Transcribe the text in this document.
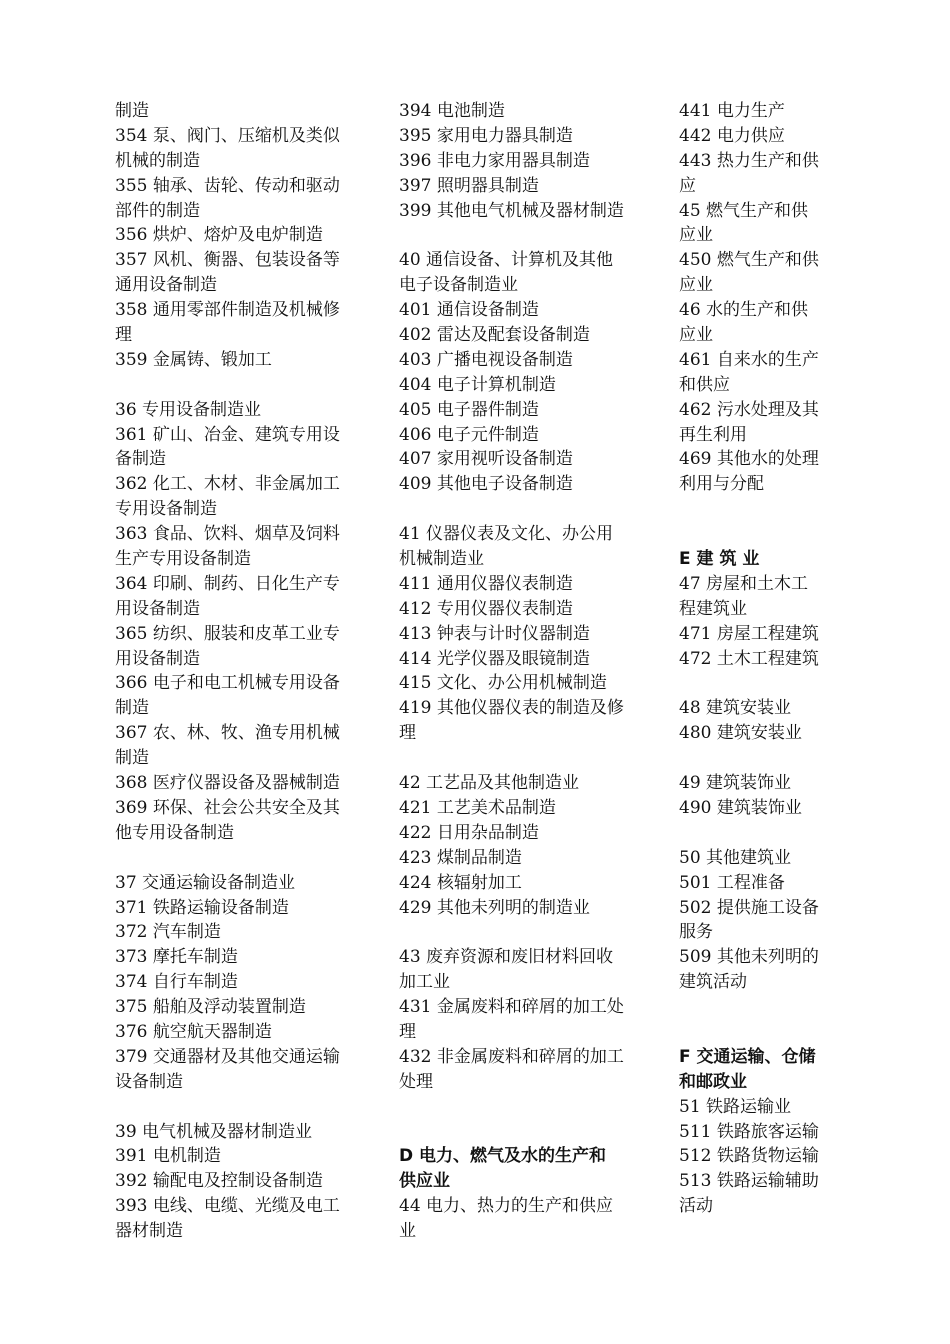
制造
354 泵、阀门、压缩机及类似
机械的制造
355 轴承、齿轮、传动和驱动
部件的制造
356 烘炉、熔炉及电炉制造
357 风机、衡器、包装设备等
通用设备制造
358 通用零部件制造及机械修
理
359 金属铸、锻加工
36 专用设备制造业
361 矿山、冶金、建筑专用设
备制造
362 化工、木材、非金属加工
专用设备制造
363 食品、饮料、烟草及饲料
生产专用设备制造
364 印刷、制药、日化生产专
用设备制造
365 纺织、服装和皮革工业专
用设备制造
366 电子和电工机械专用设备
制造
367 农、林、牧、渔专用机械
制造
368 医疗仪器设备及器械制造
369 环保、社会公共安全及其
他专用设备制造
37 交通运输设备制造业
371 铁路运输设备制造
372 汽车制造
373 摩托车制造
374 自行车制造
375 船舶及浮动装置制造
376 航空航天器制造
379 交通器材及其他交通运输
设备制造
39 电气机械及器材制造业
391 电机制造
392 输配电及控制设备制造
393 电线、电缆、光缆及电工
器材制造
394 电池制造
395 家用电力器具制造
396 非电力家用器具制造
397 照明器具制造
399 其他电气机械及器材制造
40 通信设备、计算机及其他
电子设备制造业
401 通信设备制造
402 雷达及配套设备制造
403 广播电视设备制造
404 电子计算机制造
405 电子器件制造
406 电子元件制造
407 家用视听设备制造
409 其他电子设备制造
41 仪器仪表及文化、办公用
机械制造业
411 通用仪器仪表制造
412 专用仪器仪表制造
413 钟表与计时仪器制造
414 光学仪器及眼镜制造
415 文化、办公用机械制造
419 其他仪器仪表的制造及修
理
42 工艺品及其他制造业
421 工艺美术品制造
422 日用杂品制造
423 煤制品制造
424 核辐射加工
429 其他未列明的制造业
43 废弃资源和废旧材料回收
加工业
431 金属废料和碎屑的加工处
理
432 非金属废料和碎屑的加工
处理
D 电力、燃气及水的生产和
供应业
44 电力、热力的生产和供应
业
441 电力生产
442 电力供应
443 热力生产和供
应
45 燃气生产和供
应业
450 燃气生产和供
应业
46 水的生产和供
应业
461 自来水的生产
和供应
462 污水处理及其
再生利用
469 其他水的处理
利用与分配
E 建 筑 业
47 房屋和土木工
程建筑业
471 房屋工程建筑
472 土木工程建筑
48 建筑安装业
480 建筑安装业
49 建筑装饰业
490 建筑装饰业
50 其他建筑业
501 工程准备
502 提供施工设备
服务
509 其他未列明的
建筑活动
F 交通运输、仓储
和邮政业
51 铁路运输业
511 铁路旅客运输
512 铁路货物运输
513 铁路运输辅助
活动
